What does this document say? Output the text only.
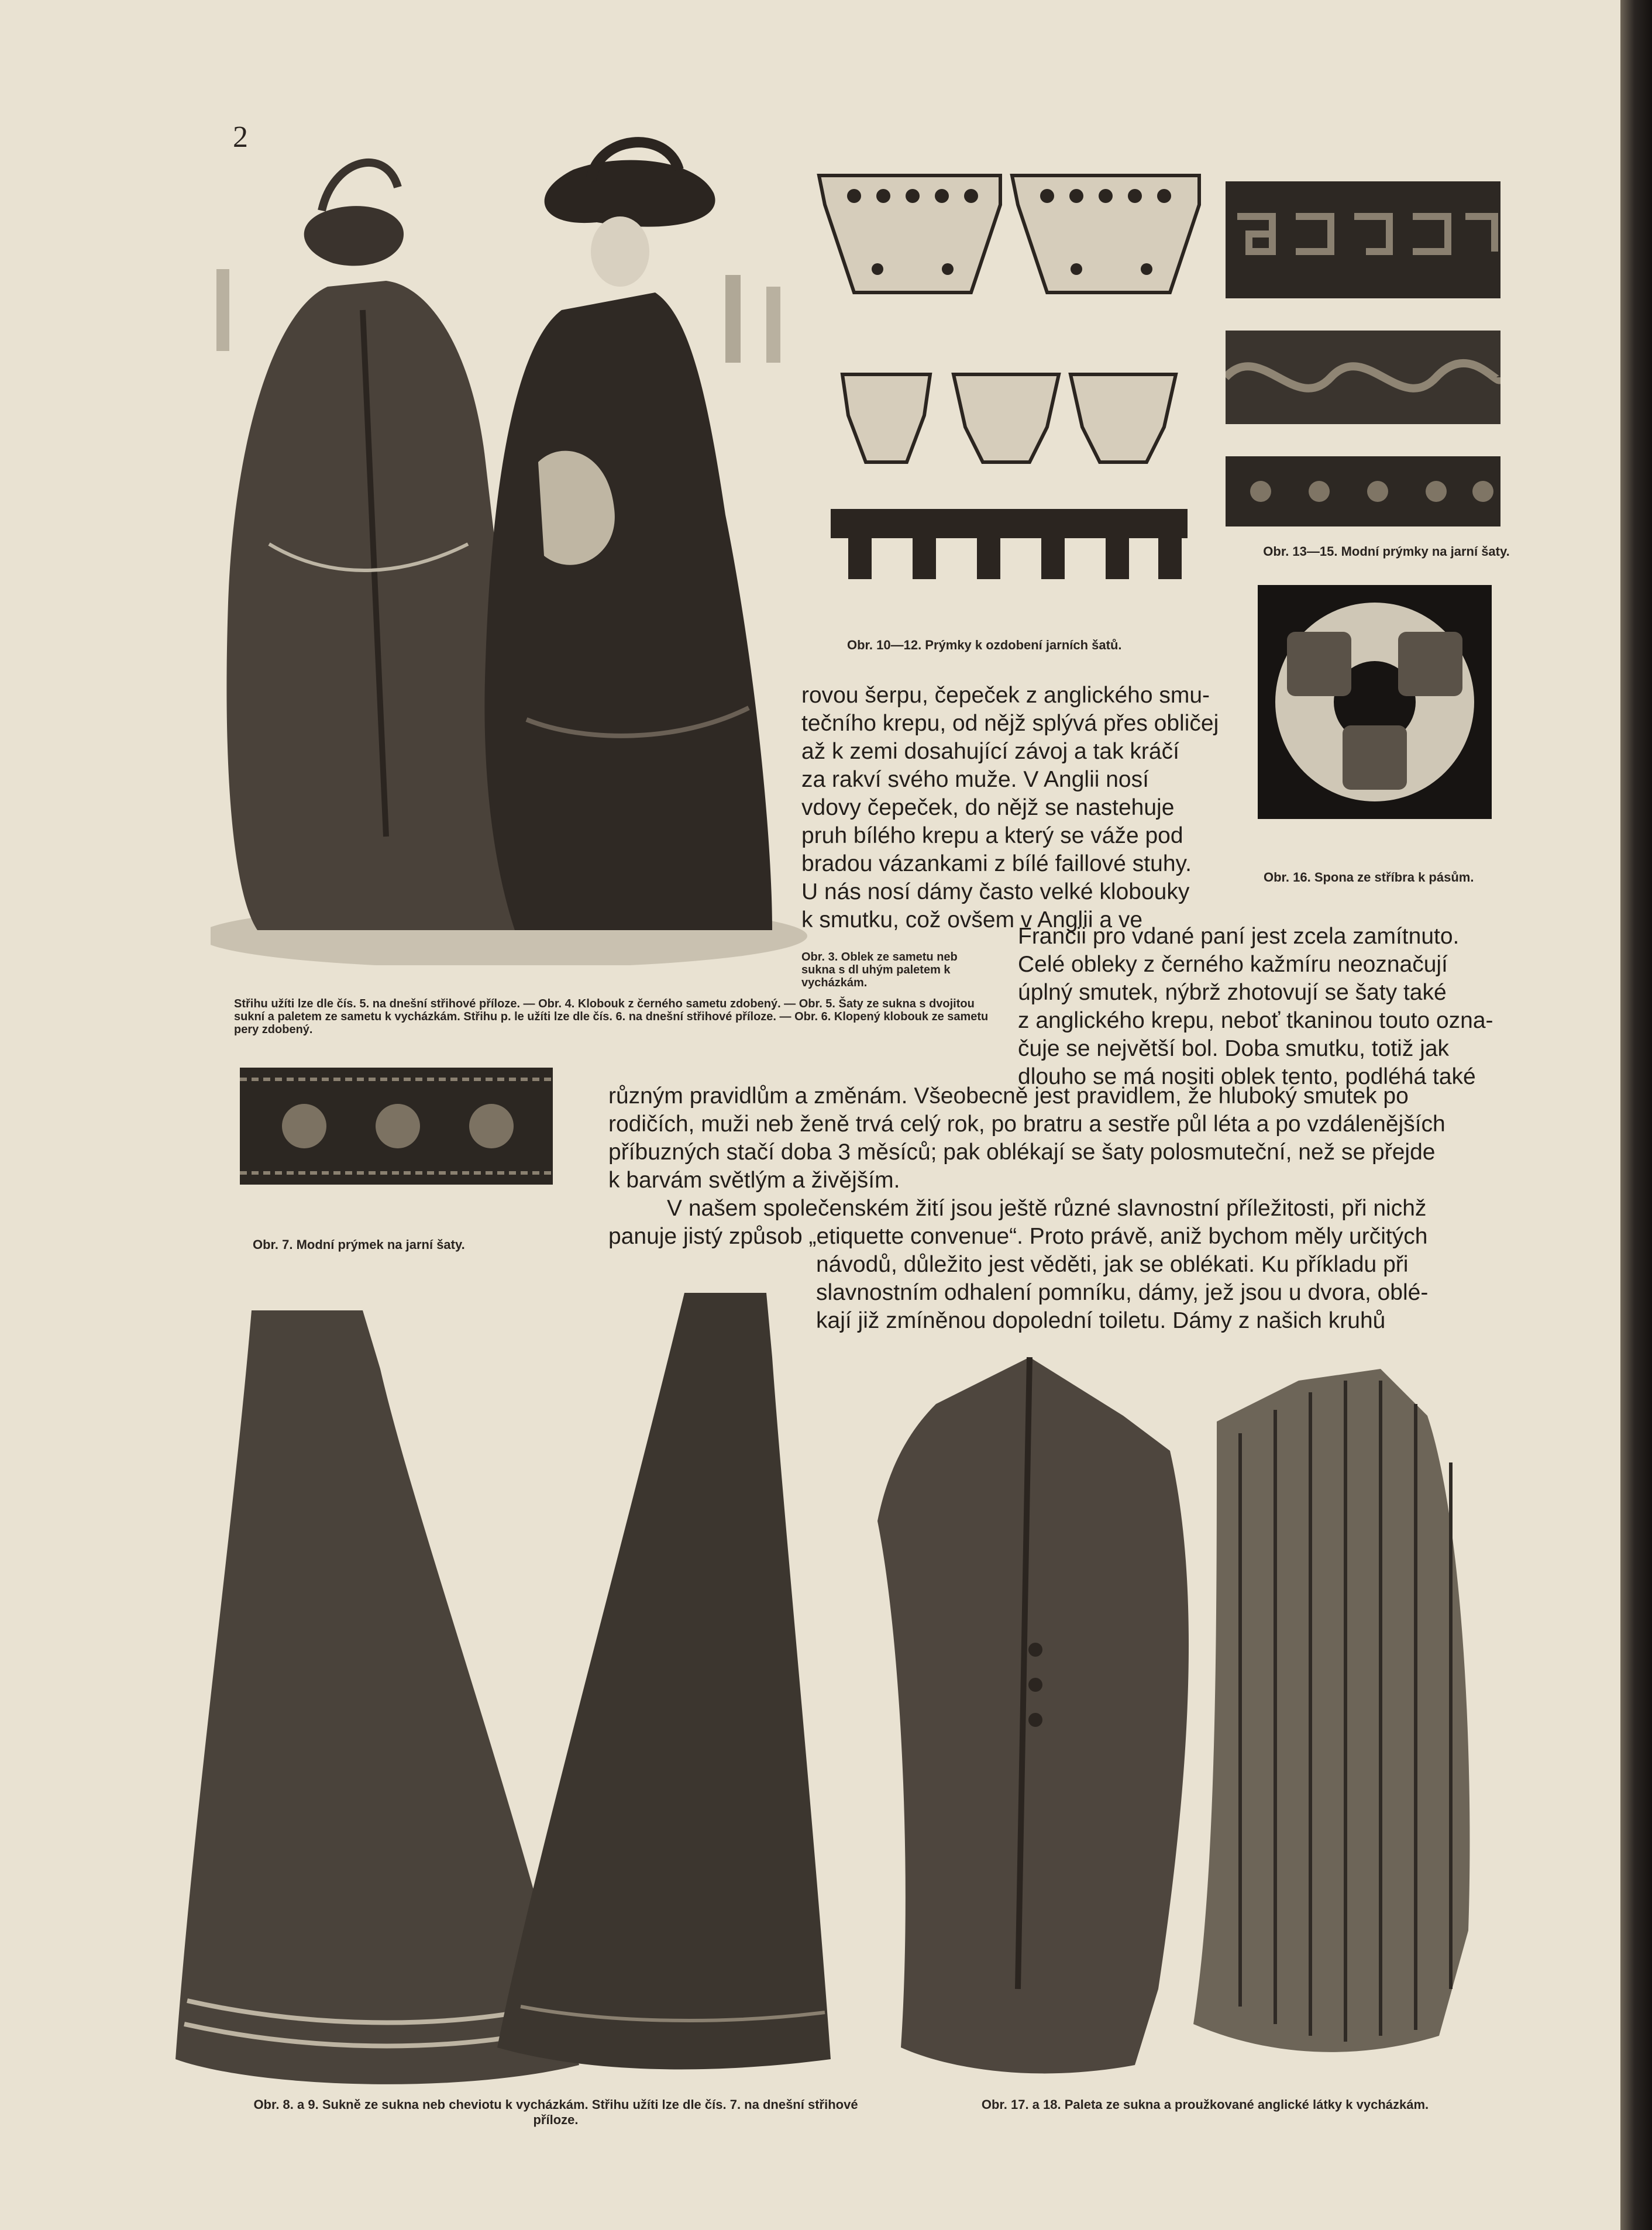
2
Obr. 10—12. Prýmky k ozdobení jarních šatů.
Obr. 13—15. Modní prýmky na jarní šaty.
Obr. 16. Spona ze stříbra k pásům.
Obr. 3. Oblek ze sametu neb sukna s dl uhým paletem k vycházkám.
Střihu užíti lze dle čís. 5. na dnešní střihové příloze. — Obr. 4. Klobouk z černého sametu zdobený. — Obr. 5. Šaty ze sukna s dvojitou sukní a paletem ze sametu k vycházkám. Střihu p. le užíti lze dle čís. 6. na dnešní střihové příloze. — Obr. 6. Klopený klobouk ze sametu pery zdobený.
Obr. 7. Modní prýmek na jarní šaty.

rovou šerpu, čepeček z anglického smu-

tečního krepu, od nějž splývá přes obličej

až k zemi dosahující závoj a tak kráčí

za rakví svého muže. V Anglii nosí

vdovy čepeček, do nějž se nastehuje

pruh bílého krepu a který se váže pod

bradou vázankami z bílé faillové stuhy.

U nás nosí dámy často velké klobouky

k smutku, což ovšem v Anglii a ve

Francii pro vdané paní jest zcela zamítnuto.

Celé obleky z černého kažmíru neoznačují

úplný smutek, nýbrž zhotovují se šaty také

z anglického krepu, neboť tkaninou touto ozna-

čuje se největší bol. Doba smutku, totiž jak

dlouho se má nositi oblek tento, podléhá také

různým pravidlům a změnám. Všeobecně jest pravidlem, že hluboký smutek po

rodičích, muži neb ženě trvá celý rok, po bratru a sestře půl léta a po vzdálenějších

příbuzných stačí doba 3 měsíců; pak oblékají se šaty polosmuteční, než se přejde

k barvám světlým a živějším.

V našem společenském žití jsou ještě různé slavnostní příležitosti, při nichž

panuje jistý způsob „etiquette convenue“. Proto právě, aniž bychom měly určitých

návodů, důležito jest věděti, jak se oblékati. Ku příkladu při

slavnostním odhalení pomníku, dámy, jež jsou u dvora, oblé-

kají již zmíněnou dopolední toiletu. Dámy z našich kruhů

Obr. 8. a 9. Sukně ze sukna neb cheviotu k vycházkám. Střihu užíti lze dle čís. 7. na dnešní střihové příloze.
Obr. 17. a 18. Paleta ze sukna a proužkované anglické látky k vycházkám.
